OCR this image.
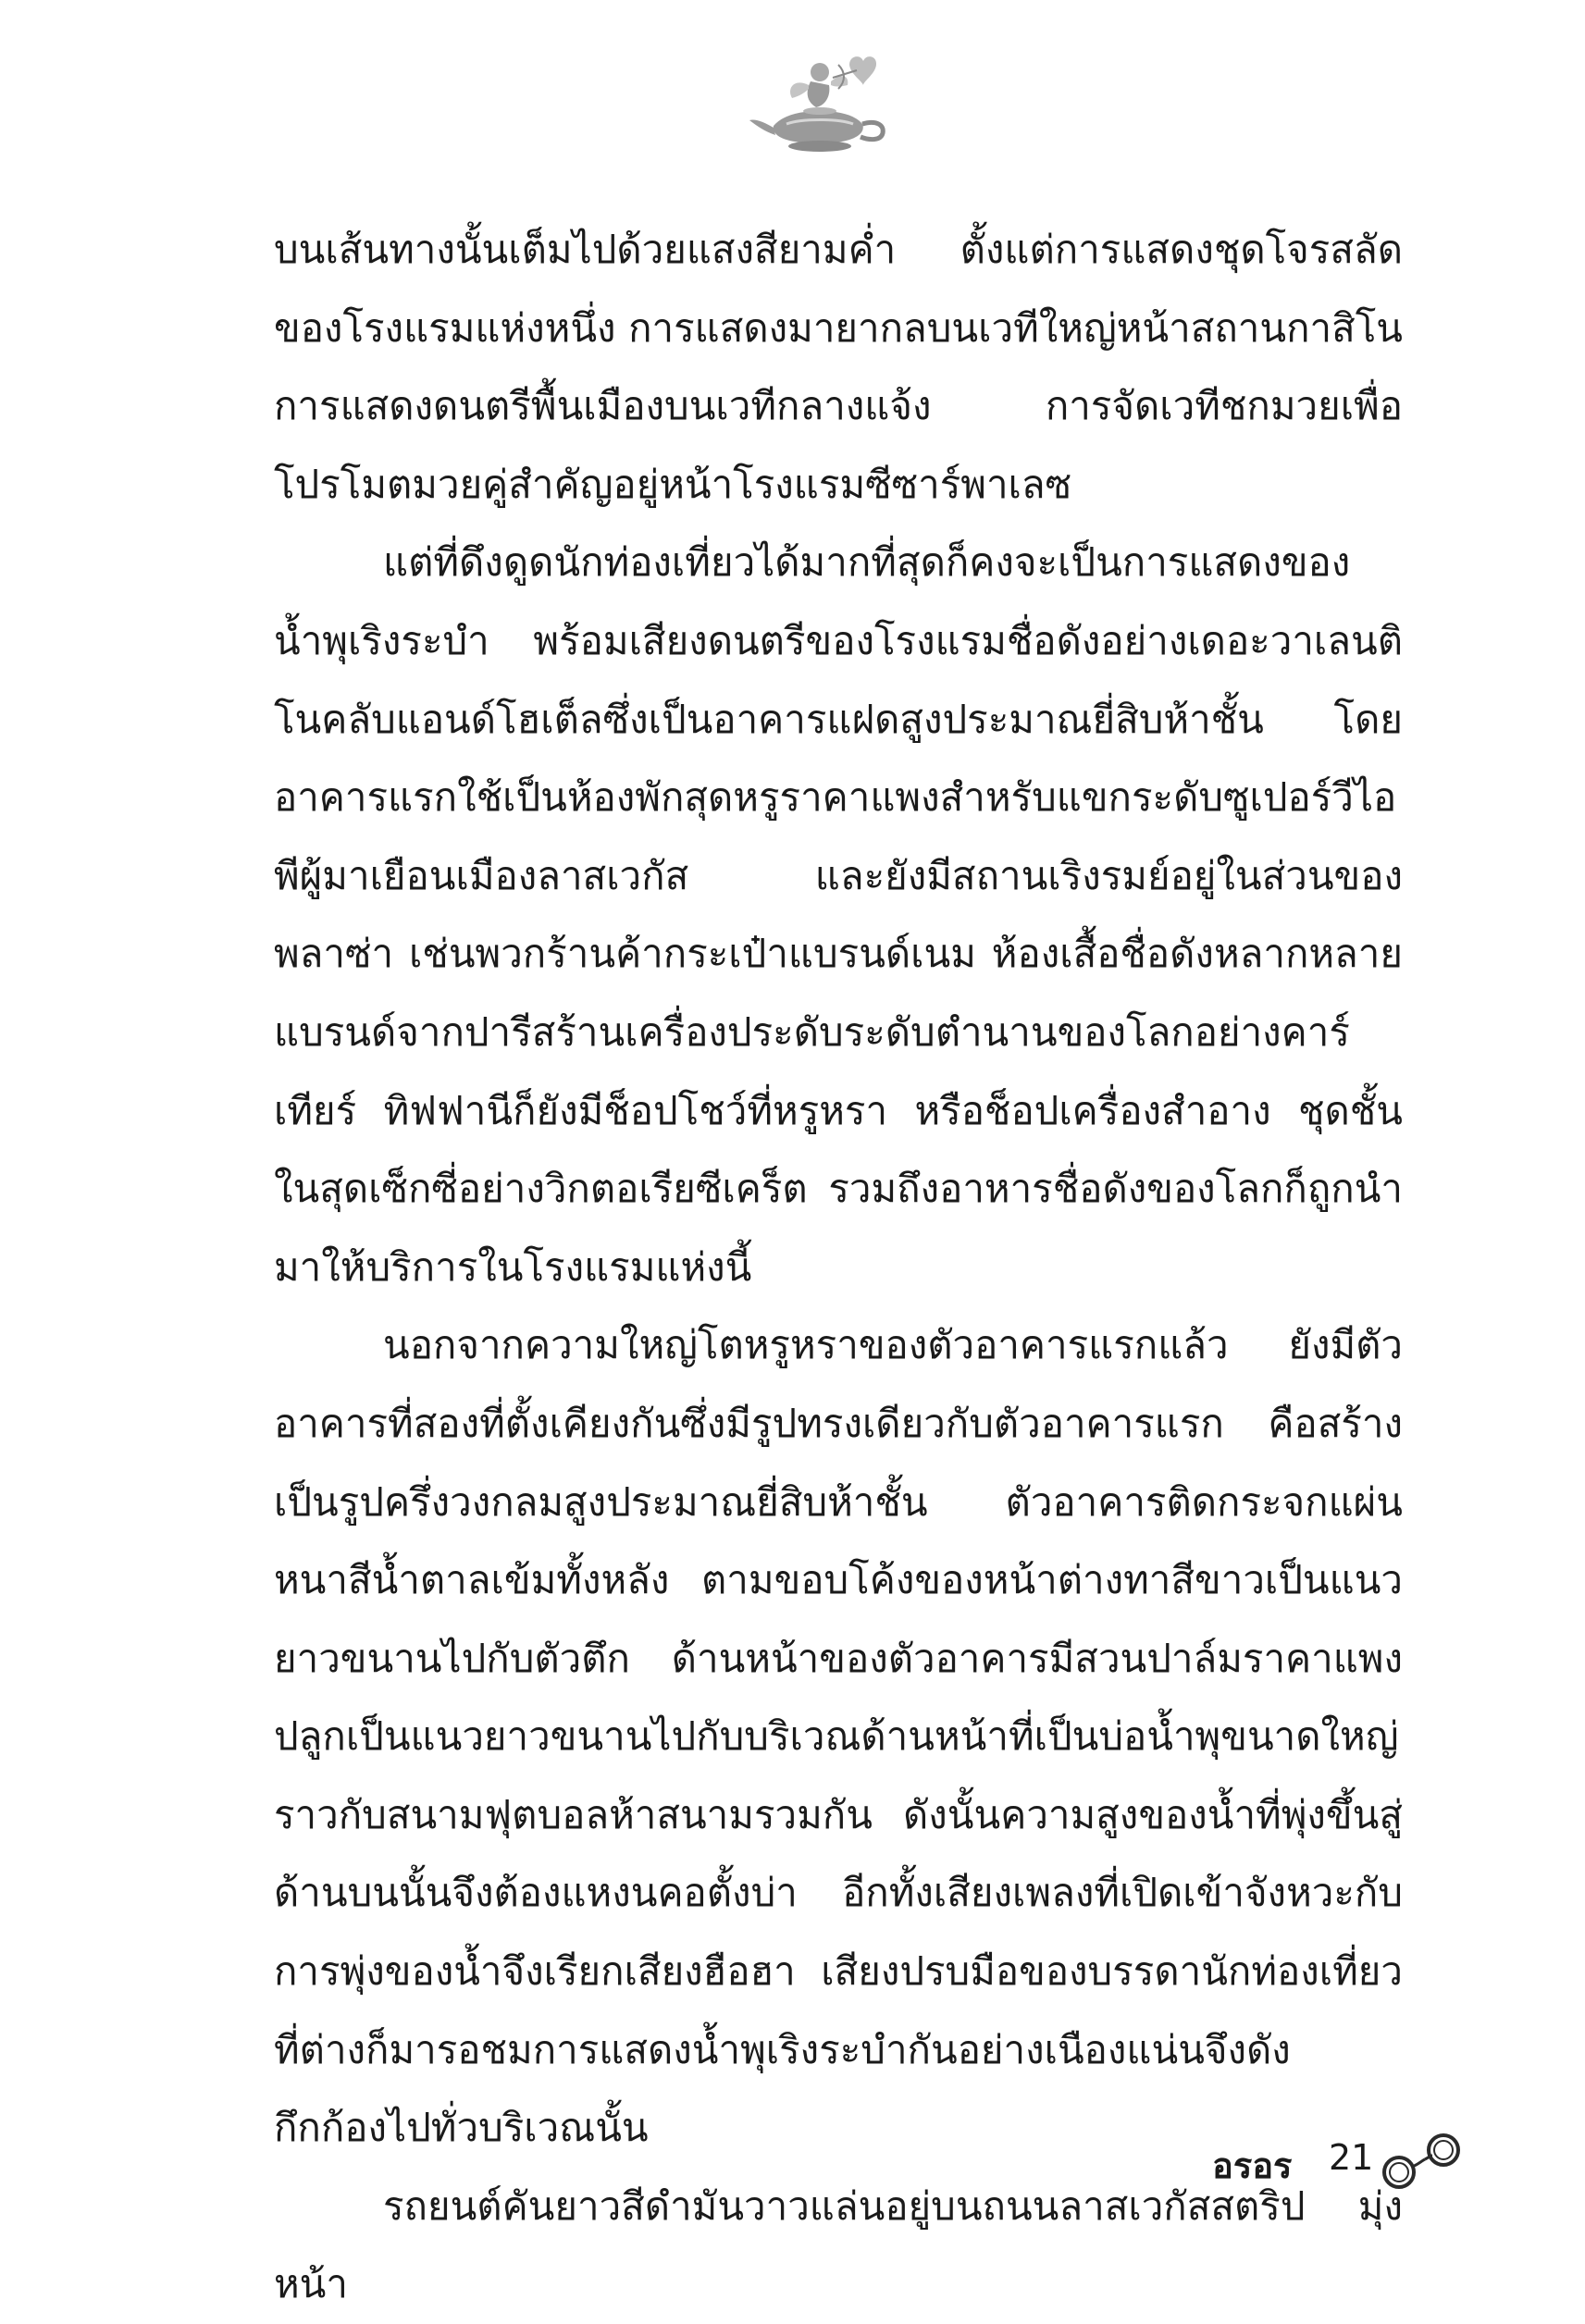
บนเส้นทางนั้นเต็มไปด้วยแสงสียามค่ำ ตั้งแต่การแสดงชุดโจรสลัดของโรงแรมแห่งหนึ่ง การแสดงมายากลบนเวทีใหญ่หน้าสถานกาสิโน การแสดงดนตรีพื้นเมืองบนเวทีกลางแจ้ง การจัดเวทีชกมวยเพื่อโปรโมตมวยคู่สำคัญอยู่หน้าโรงแรมซีซาร์พาเลซ

แต่ที่ดึงดูดนักท่องเที่ยวได้มากที่สุดก็คงจะเป็นการแสดงของน้ำพุเริงระบำ พร้อมเสียงดนตรีของโรงแรมชื่อดังอย่างเดอะวาเลนติโนคลับแอนด์โฮเต็ลซึ่งเป็นอาคารแฝดสูงประมาณยี่สิบห้าชั้น โดยอาคารแรกใช้เป็นห้องพักสุดหรูราคาแพงสำหรับแขกระดับซูเปอร์วีไอพีผู้มาเยือนเมืองลาสเวกัส และยังมีสถานเริงรมย์อยู่ในส่วนของพลาซ่า เช่นพวกร้านค้ากระเป๋าแบรนด์เนม ห้องเสื้อชื่อดังหลากหลายแบรนด์จากปารีสร้านเครื่องประดับระดับตำนานของโลกอย่างคาร์เทียร์ ทิฟฟานีก็ยังมีช็อปโชว์ที่หรูหรา หรือช็อปเครื่องสำอาง ชุดชั้นในสุดเซ็กซี่อย่างวิกตอเรียซีเคร็ต รวมถึงอาหารชื่อดังของโลกก็ถูกนำมาให้บริการในโรงแรมแห่งนี้

นอกจากความใหญ่โตหรูหราของตัวอาคารแรกแล้ว ยังมีตัวอาคารที่สองที่ตั้งเคียงกันซึ่งมีรูปทรงเดียวกับตัวอาคารแรก คือสร้างเป็นรูปครึ่งวงกลมสูงประมาณยี่สิบห้าชั้น ตัวอาคารติดกระจกแผ่นหนาสีน้ำตาลเข้มทั้งหลัง ตามขอบโค้งของหน้าต่างทาสีขาวเป็นแนวยาวขนานไปกับตัวตึก ด้านหน้าของตัวอาคารมีสวนปาล์มราคาแพงปลูกเป็นแนวยาวขนานไปกับบริเวณด้านหน้าที่เป็นบ่อน้ำพุขนาดใหญ่ราวกับสนามฟุตบอลห้าสนามรวมกัน ดังนั้นความสูงของน้ำที่พุ่งขึ้นสู่ด้านบนนั้นจึงต้องแหงนคอตั้งบ่า อีกทั้งเสียงเพลงที่เปิดเข้าจังหวะกับการพุ่งของน้ำจึงเรียกเสียงฮือฮา เสียงปรบมือของบรรดานักท่องเที่ยวที่ต่างก็มารอชมการแสดงน้ำพุเริงระบำกันอย่างเนืองแน่นจึงดังกึกก้องไปทั่วบริเวณนั้น

รถยนต์คันยาวสีดำมันวาวแล่นอยู่บนถนนลาสเวกัสสตริป มุ่งหน้า

อรอร 21
